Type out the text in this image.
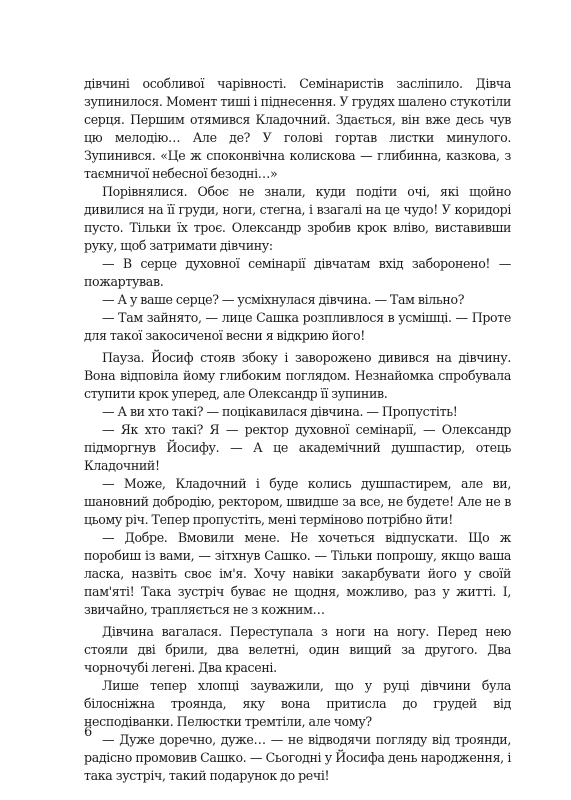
дівчині особливої чарівності. Семінаристів засліпило. Дівча зупинилося. Момент тиші і піднесення. У грудях шалено стукотіли серця. Першим отямився Кладочний. Здається, він вже десь чув цю мелодію… Але де? У голові гортав листки минулого. Зупинився. «Це ж споконвічна колискова — глибинна, казкова, з таємничої небесної безодні…»

Порівнялися. Обоє не знали, куди подіти очі, які щойно дивилися на її груди, ноги, стегна, і взагалі на це чудо! У коридорі пусто. Тільки їх троє. Олександр зробив крок вліво, виставивши руку, щоб затримати дівчину:

— В серце духовної семінарії дівчатам вхід заборонено! — пожартував.

— А у ваше серце? — усміхнулася дівчина. — Там вільно?

— Там зайнято, — лице Сашка розпливлося в усмішці. — Проте для такої закосиченої весни я відкрию його!

Пауза. Йосиф стояв збоку і заворожено дивився на дівчину. Вона відповіла йому глибоким поглядом. Незнайомка спробувала ступити крок уперед, але Олександр її зупинив.

— А ви хто такі? — поцікавилася дівчина. — Пропустіть!

— Як хто такі? Я — ректор духовної семінарії, — Олександр підморгнув Йосифу. — А це академічний душпастир, отець Кладочний!

— Може, Кладочний і буде колись душпастирем, але ви, шановний добродію, ректором, швидше за все, не будете! Але не в цьому річ. Тепер пропустіть, мені терміново потрібно йти!

— Добре. Вмовили мене. Не хочеться відпускати. Що ж поробиш із вами, — зітхнув Сашко. — Тільки попрошу, якщо ваша ласка, назвіть своє ім'я. Хочу навіки закарбувати його у своїй пам'яті! Така зустріч буває не щодня, можливо, раз у житті. І, звичайно, трапляється не з кожним…

Дівчина вагалася. Переступала з ноги на ногу. Перед нею стояли дві брили, два велетні, один вищий за другого. Два чорночубі легені. Два красені.

Лише тепер хлопці зауважили, що у руці дівчини була білосніжна троянда, яку вона притисла до грудей від несподіванки. Пелюстки тремтіли, але чому?

— Дуже доречно, дуже… — не відводячи погляду від троянди, радісно промовив Сашко. — Сьогодні у Йосифа день народження, і така зустріч, такий подарунок до речі!

6
